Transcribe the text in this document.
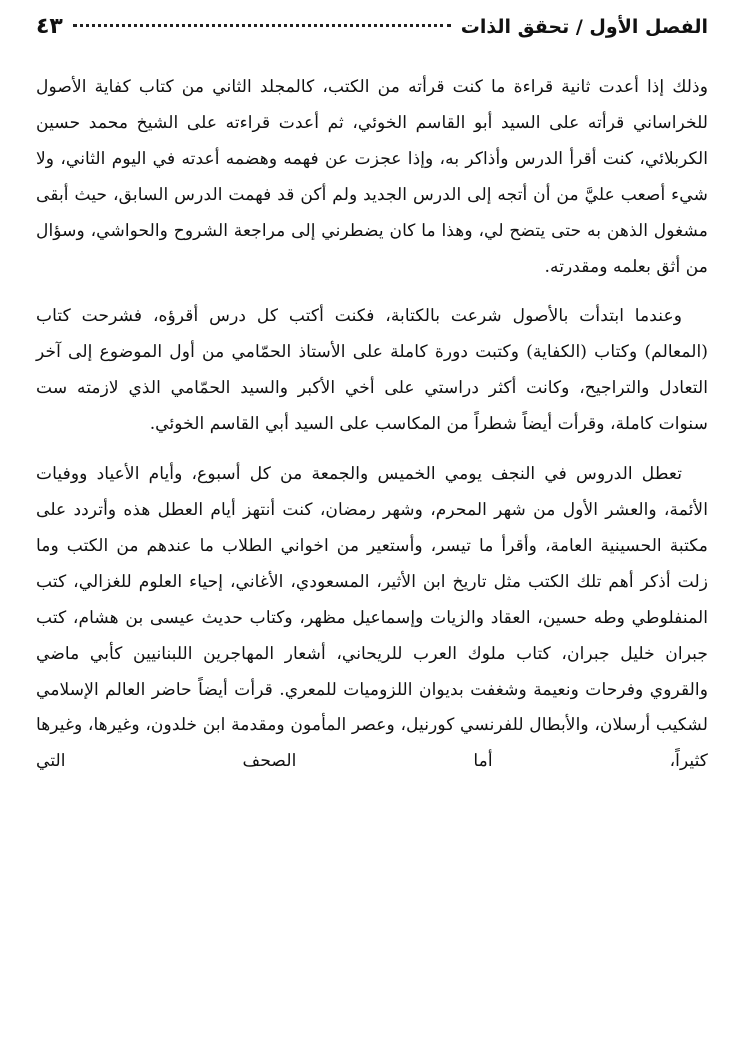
الفصل الأول / تحقق الذات
٤٣

وذلك إذا أعدت ثانية قراءة ما كنت قرأته من الكتب، كالمجلد الثاني من كتاب كفاية الأصول للخراساني قرأته على السيد أبو القاسم الخوئي، ثم أعدت قراءته على الشيخ محمد حسين الكربلائي، كنت أقرأ الدرس وأذاكر به، وإذا عجزت عن فهمه وهضمه أعدته في اليوم الثاني، ولا شيء أصعب عليَّ من أن أتجه إلى الدرس الجديد ولم أكن قد فهمت الدرس السابق، حيث أبقى مشغول الذهن به حتى يتضح لي، وهذا ما كان يضطرني إلى مراجعة الشروح والحواشي، وسؤال من أثق بعلمه ومقدرته.

وعندما ابتدأت بالأصول شرعت بالكتابة، فكنت أكتب كل درس أقرؤه، فشرحت كتاب (المعالم) وكتاب (الكفاية) وكتبت دورة كاملة على الأستاذ الحمّامي من أول الموضوع إلى آخر التعادل والتراجيح، وكانت أكثر دراستي على أخي الأكبر والسيد الحمّامي الذي لازمته ست سنوات كاملة، وقرأت أيضاً شطراً من المكاسب على السيد أبي القاسم الخوئي.

تعطل الدروس في النجف يومي الخميس والجمعة من كل أسبوع، وأيام الأعياد ووفيات الأئمة، والعشر الأول من شهر المحرم، وشهر رمضان، كنت أنتهز أيام العطل هذه وأتردد على مكتبة الحسينية العامة، وأقرأ ما تيسر، وأستعير من اخواني الطلاب ما عندهم من الكتب وما زلت أذكر أهم تلك الكتب مثل تاريخ ابن الأثير، المسعودي، الأغاني، إحياء العلوم للغزالي، كتب المنفلوطي وطه حسين، العقاد والزيات وإسماعيل مظهر، وكتاب حديث عيسى بن هشام، كتب جبران خليل جبران، كتاب ملوك العرب للريحاني، أشعار المهاجرين اللبنانيين كأبي ماضي والقروي وفرحات ونعيمة وشغفت بديوان اللزوميات للمعري. قرأت أيضاً حاضر العالم الإسلامي لشكيب أرسلان، والأبطال للفرنسي كورنيل، وعصر المأمون ومقدمة ابن خلدون، وغيرها، وغيرها كثيراً، أما الصحف التي
